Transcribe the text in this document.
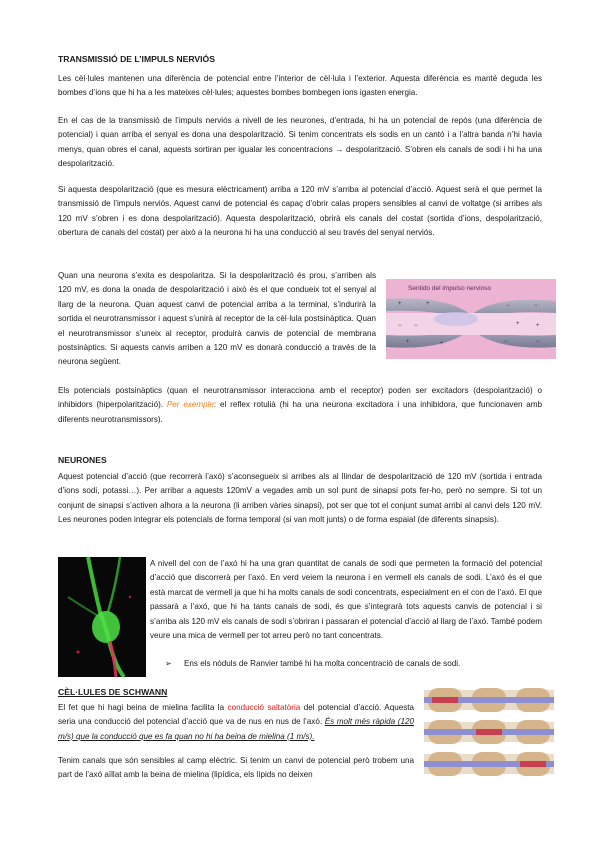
TRANSMISSIÓ DE L’IMPULS NERVIÓS

Les cèl·lules mantenen una diferència de potencial entre l’interior de cèl·lula i l’exterior. Aquesta diferència es manté deguda les bombes d’ions que hi ha a les mateixes cèl·lules; aquestes bombes bombegen ions igasten energia.

En el cas de la transmissió de l’impuls nerviós a nivell de les neurones, d’entrada, hi ha un potencial de repós (una diferència de potencial) i quan arriba el senyal es dona una despolarització. Si tenim concentrats els sodis en un cantó i a l’altra banda n’hi havia menys, quan obres el canal, aquests sortiran per igualar les concentracions → despolarització. S’obren els canals de sodi i hi ha una despolarització.

Si aquesta despolarització (que es mesura elèctricament) arriba a 120 mV s’arriba al potencial d’acció. Aquest serà el que permet la transmissió de l’impuls nerviós. Aquest canvi de potencial és capaç d’obrir calas propers sensibles al canvi de voltatge (si arribes als 120 mV s’obren i es dona despolarització). Aquesta despolarització, obrirà els canals del costat (sortida d’ions, despolarització, obertura de canals del costat) per això a la neurona hi ha una conducció al seu través del senyal nerviós.

Quan una neurona s’exita es despolaritza. Si la despolarització és prou, s’arriben als 120 mV, es dona la onada de despolarització i això és el que condueix tot el senyal al llarg de la neurona. Quan aquest canvi de potencial arriba a la terminal, s’indurirà la sortida el neurotransmissor i aquest s’unirà al receptor de la cèl·lula postsinàptica. Quan el neurotransmissor s’uneix al receptor, produirà canvis de potencial de membrana postsinàptics. Si aquests canvis arriben a 120 mV es donarà conducció a través de la neurona següent.

Sentido del impulso nervioso
+	+	−	−
+	+	−	−
+	+
−
−

Els potencials postsinàptics (quan el neurotransmissor interacciona amb el receptor) poden ser excitadors (despolarització) o inhibidors (hiperpolarització). Per exemple: el reflex rotulià (hi ha una neurona excitadora i una inhibidora, que funcionaven amb diferents neurotransmissors).

NEURONES

Aquest potencial d’acció (que recorrerà l’axó) s’aconsegueix si arribes als al llindar de despolarització de 120 mV (sortida i entrada d’ions sodi, potassi…). Per arribar a aquests 120mV a vegades amb un sol punt de sinapsi pots fer-ho, però no sempre. Si tot un conjunt de sinapsi s’activen alhora a la neurona (li arriben vàries sinapsi), pot ser que tot el conjunt sumat arribi al canvi dels 120 mV. Les neurones poden integrar els potencials de forma temporal (si van molt junts) o de forma espaial (de diferents sinapsis).

A nivell del con de l’axó hi ha una gran quantitat de canals de sodi que permeten la formació del potencial d’acció que discorrerà per l’axó. En verd veiem la neurona i en vermell els canals de sodi. L’axó és el que està marcat de vermell ja que hi ha molts canals de sodi concentrats, especialment en el con de l’axó. El que passarà a l’axó, que hi ha tants canals de sodi, és que s’integrarà tots aquests canvis de potencial i si s’arriba als 120 mV els canals de sodi s’obriran i passaran el potencial d’acció al llarg de l’axó. També podem veure una mica de vermell per tot arreu però no tant concentrats.

➢ Ens els nòduls de Ranvier també hi ha molta concentració de canals de sodi.
CÈL·LULES DE SCHWANN

El fet que hi hagi beina de mielina facilita la conducció saltatòria del potencial d’acció. Aquesta seria una conducció del potencial d’acció que va de nus en nus de l’axó. És molt més ràpida (120 m/s) que la conducció que es fa quan no hi ha beina de mielina (1 m/s).

Tenim canals que són sensibles al camp elèctric. Si tenim un canvi de potencial però trobem una part de l’axó aïllat amb la beina de mielina (lipídica, els lípids no deixen
